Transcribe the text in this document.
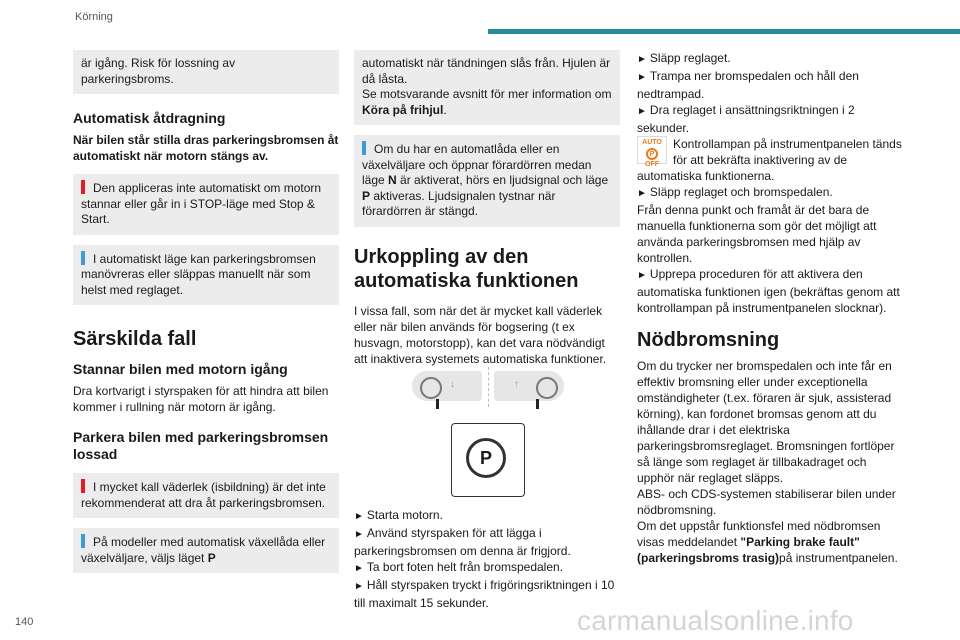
Körning
är igång. Risk för lossning av parkeringsbroms.
Automatisk åtdragning
När bilen står stilla dras parkeringsbromsen åt automatiskt när motorn stängs av.
Den appliceras inte automatiskt om motorn stannar eller går in i STOP-läge med Stop & Start.
I automatiskt läge kan parkeringsbromsen manövreras eller släppas manuellt när som helst med reglaget.
Särskilda fall
Stannar bilen med motorn igång
Dra kortvarigt i styrspaken för att hindra att bilen kommer i rullning när motorn är igång.
Parkera bilen med parkeringsbromsen lossad
I mycket kall väderlek (isbildning) är det inte rekommenderat att dra åt parkeringsbromsen.
På modeller med automatisk växellåda eller växelväljare, väljs läget P
automatiskt när tändningen slås från. Hjulen är då låsta.
Se motsvarande avsnitt för mer information om Köra på frihjul.
Om du har en automatlåda eller en växelväljare och öppnar förardörren medan läge N är aktiverat, hörs en ljudsignal och läge P aktiveras. Ljudsignalen tystnar när förardörren är stängd.
Urkoppling av den automatiska funktionen
I vissa fall, som när det är mycket kall väderlek eller när bilen används för bogsering (t ex husvagn, motorstopp), kan det vara nödvändigt att inaktivera systemets automatiska funktioner.
↓	↑
P
► Starta motorn.
► Använd styrspaken för att lägga i parkeringsbromsen om denna är frigjord.
► Ta bort foten helt från bromspedalen.
► Håll styrspaken tryckt i frigöringsriktningen i 10 till maximalt 15 sekunder.
► Släpp reglaget.
► Trampa ner bromspedalen och håll den nedtrampad.
► Dra reglaget i ansättningsriktningen i 2 sekunder.
AUTO
P
OFF
Kontrollampan på instrumentpanelen tänds för att bekräfta inaktivering av de automatiska funktionerna.
► Släpp reglaget och bromspedalen.
Från denna punkt och framåt är det bara de manuella funktionerna som gör det möjligt att använda parkeringsbromsen med hjälp av kontrollen.
► Upprepa proceduren för att aktivera den automatiska funktionen igen (bekräftas genom att kontrollampan på instrumentpanelen slocknar).
Nödbromsning
Om du trycker ner bromspedalen och inte får en effektiv bromsning eller under exceptionella omständigheter (t.ex. föraren är sjuk, assisterad körning), kan fordonet bromsas genom att du ihållande drar i det elektriska parkeringsbromsreglaget. Bromsningen fortlöper så länge som reglaget är tillbakadraget och upphör när reglaget släpps.
ABS- och CDS-systemen stabiliserar bilen under nödbromsning.
Om det uppstår funktionsfel med nödbromsen visas meddelandet "Parking brake fault" (parkeringsbroms trasig)på instrumentpanelen.
140	carmanualsonline.info
